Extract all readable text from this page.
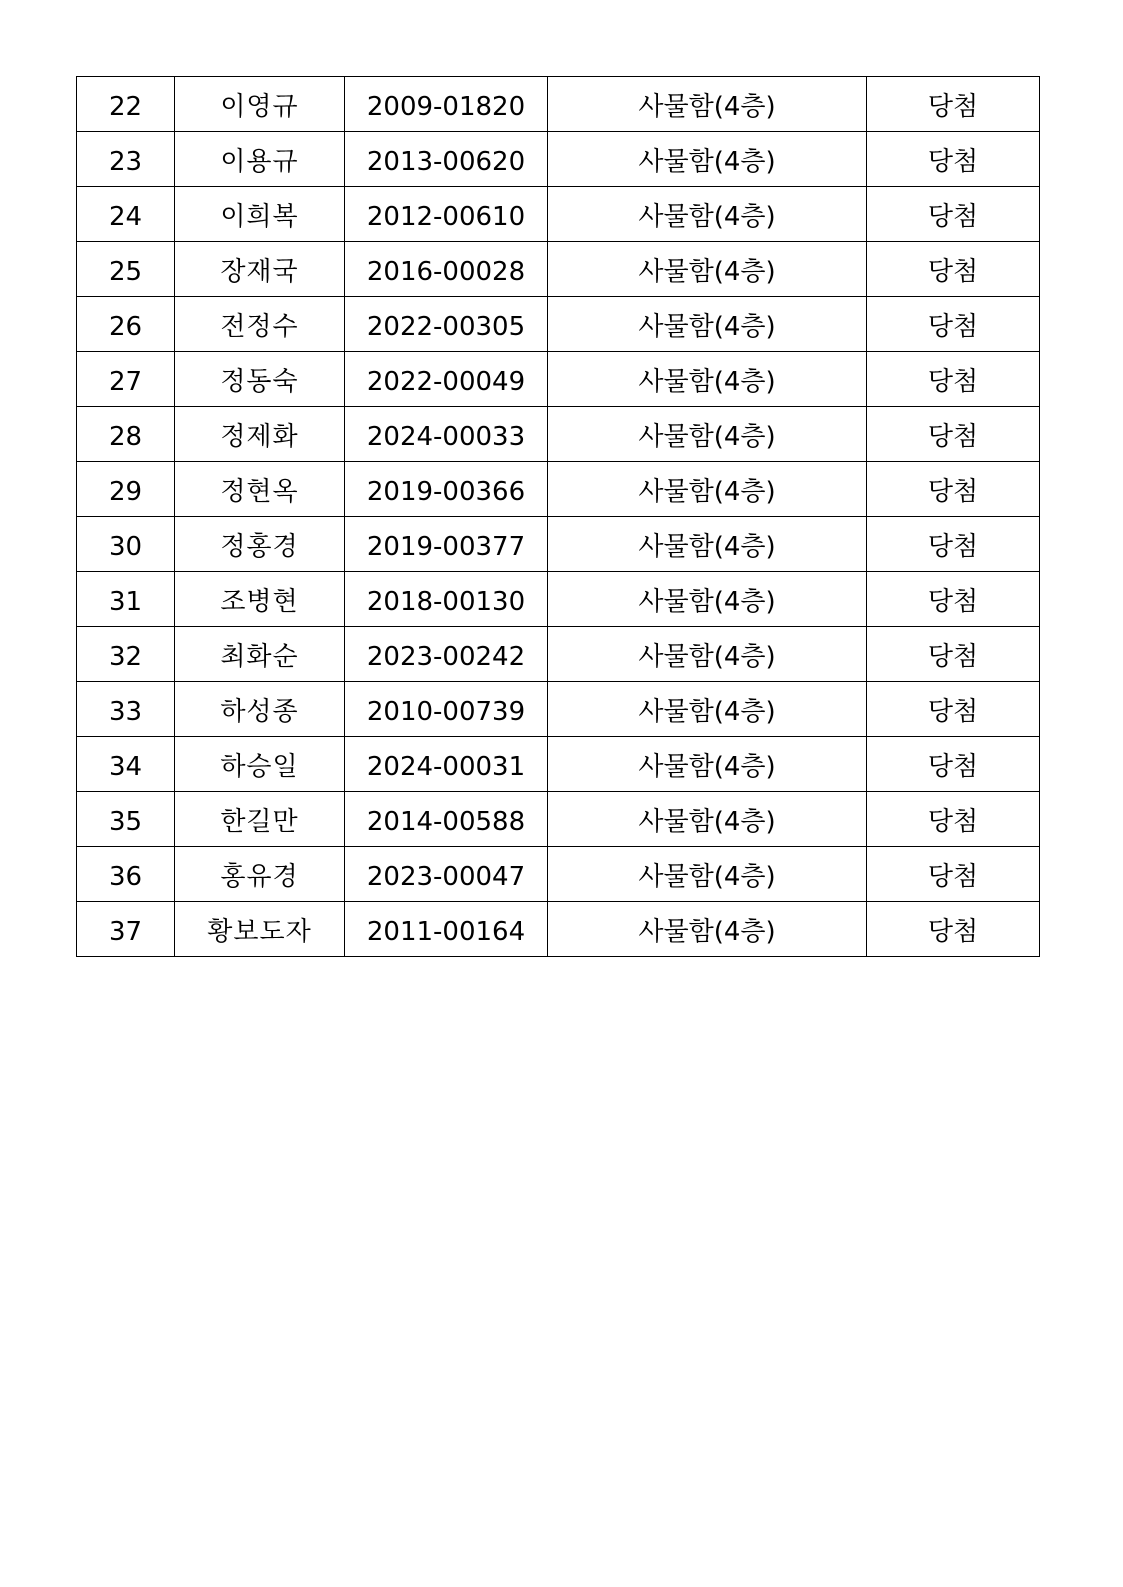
22	이영규	2009-01820	사물함(4층)	당첨
23	이용규	2013-00620	사물함(4층)	당첨
24	이희복	2012-00610	사물함(4층)	당첨
25	장재국	2016-00028	사물함(4층)	당첨
26	전정수	2022-00305	사물함(4층)	당첨
27	정동숙	2022-00049	사물함(4층)	당첨
28	정제화	2024-00033	사물함(4층)	당첨
29	정현옥	2019-00366	사물함(4층)	당첨
30	정홍경	2019-00377	사물함(4층)	당첨
31	조병현	2018-00130	사물함(4층)	당첨
32	최화순	2023-00242	사물함(4층)	당첨
33	하성종	2010-00739	사물함(4층)	당첨
34	하승일	2024-00031	사물함(4층)	당첨
35	한길만	2014-00588	사물함(4층)	당첨
36	홍유경	2023-00047	사물함(4층)	당첨
37	황보도자	2011-00164	사물함(4층)	당첨
